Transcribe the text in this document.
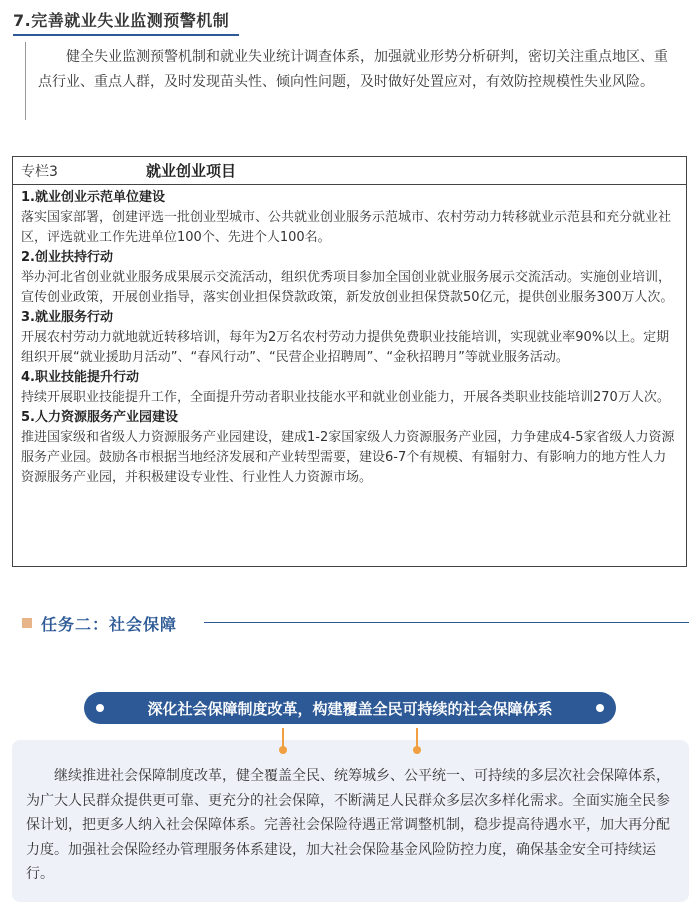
7.完善就业失业监测预警机制
健全失业监测预警机制和就业失业统计调查体系，加强就业形势分析研判，密切关注重点地区、重点行业、重点人群，及时发现苗头性、倾向性问题，及时做好处置应对，有效防控规模性失业风险。
专栏3	就业创业项目
1.就业创业示范单位建设

落实国家部署，创建评选一批创业型城市、公共就业创业服务示范城市、农村劳动力转移就业示范县和充分就业社区，评选就业工作先进单位100个、先进个人100名。

2.创业扶持行动

举办河北省创业就业服务成果展示交流活动，组织优秀项目参加全国创业就业服务展示交流活动。实施创业培训，宣传创业政策，开展创业指导，落实创业担保贷款政策，新发放创业担保贷款50亿元，提供创业服务300万人次。

3.就业服务行动

开展农村劳动力就地就近转移培训，每年为2万名农村劳动力提供免费职业技能培训，实现就业率90%以上。定期组织开展“就业援助月活动”、“春风行动”、“民营企业招聘周”、“金秋招聘月”等就业服务活动。

4.职业技能提升行动

持续开展职业技能提升工作，全面提升劳动者职业技能水平和就业创业能力，开展各类职业技能培训270万人次。

5.人力资源服务产业园建设

推进国家级和省级人力资源服务产业园建设，建成1-2家国家级人力资源服务产业园，力争建成4-5家省级人力资源服务产业园。鼓励各市根据当地经济发展和产业转型需要，建设6-7个有规模、有辐射力、有影响力的地方性人力资源服务产业园，并积极建设专业性、行业性人力资源市场。

任务二：社会保障
深化社会保障制度改革，构建覆盖全民可持续的社会保障体系
继续推进社会保障制度改革，健全覆盖全民、统筹城乡、公平统一、可持续的多层次社会保障体系，为广大人民群众提供更可靠、更充分的社会保障，不断满足人民群众多层次多样化需求。全面实施全民参保计划，把更多人纳入社会保障体系。完善社会保险待遇正常调整机制，稳步提高待遇水平，加大再分配力度。加强社会保险经办管理服务体系建设，加大社会保险基金风险防控力度，确保基金安全可持续运行。
